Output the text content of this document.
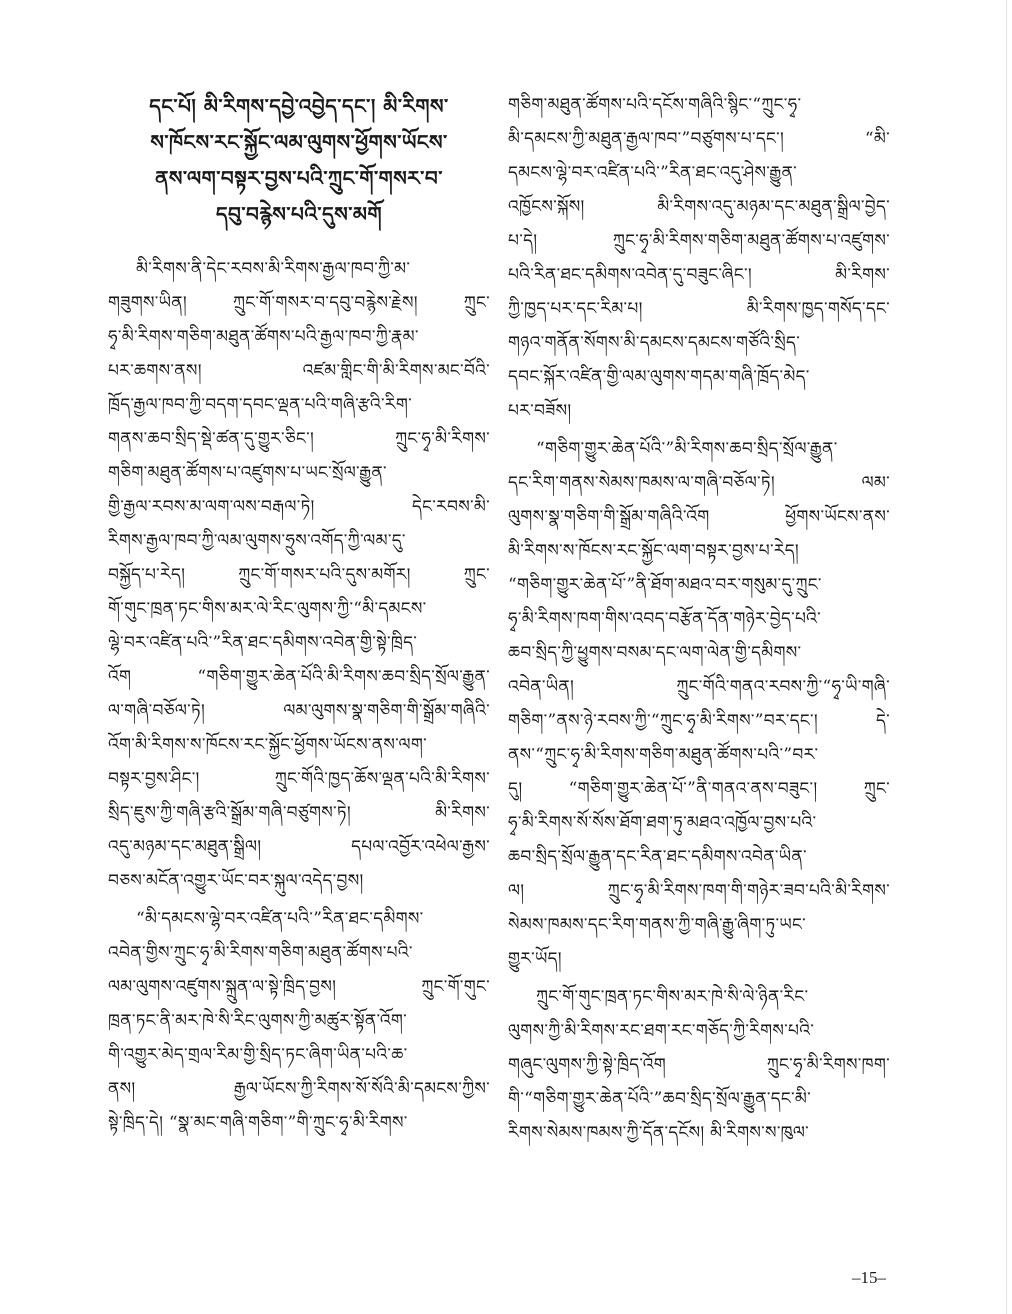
དང་པོ། མི་རིགས་དབྱེ་འབྱེད་དང་། མི་རིགས་
ས་ཁོངས་རང་སྐྱོང་ལམ་ལུགས་ཕྱོགས་ཡོངས་
ནས་ལག་བསྟར་བྱས་པའི་ཀྲུང་གོ་གསར་བ་
དབུ་བརྙེས་པའི་དུས་མགོ
མི་རིགས་ནི་དེང་རབས་མི་རིགས་རྒྱལ་ཁབ་ཀྱི་མ་
གཟུགས་ཡིན། ཀྲུང་གོ་གསར་བ་དབུ་བརྙེས་རྗེས། ཀྲུང་
ཧྭ་མི་རིགས་གཅིག་མཐུན་ཚོགས་པའི་རྒྱལ་ཁབ་ཀྱི་རྣམ་
པར་ཆགས་ནས། འཛམ་གླིང་གི་མི་རིགས་མང་བོའི་
ཁྲོད་རྒྱལ་ཁབ་ཀྱི་བདག་དབང་ལྡན་པའི་གཞི་རྩའི་རིག་
གནས་ཆབ་སྲིད་སྡེ་ཚན་དུ་གྱུར་ཅིང་། ཀྲུང་ཧྭ་མི་རིགས་
གཅིག་མཐུན་ཚོགས་པ་འཛུགས་པ་ཡང་སྲོལ་རྒྱུན་
གྱི་རྒྱལ་རབས་མ་ལག་ལས་བརྒལ་ཏེ། དེང་རབས་མི་
རིགས་རྒྱལ་ཁབ་ཀྱི་ལམ་ལུགས་ཧྲུས་འགོད་ཀྱི་ལམ་དུ་
བསྐྱོད་པ་རེད། ཀྲུང་གོ་གསར་པའི་དུས་མགོར། ཀྲུང་
གོ་གུང་ཁྲན་ཏང་གིས་མར་ལེ་རིང་ལུགས་ཀྱི་“མི་དམངས་
ལྷེ་བར་འཛིན་པའི་”རིན་ཐང་དམིགས་འབེན་གྱི་སྟེ་ཁྲིད་
འོག “གཅིག་གྱུར་ཆེན་པོའི་མི་རིགས་ཆབ་སྲིད་སྲོལ་རྒྱུན་
ལ་གཞི་བཅོལ་ཏེ། ལམ་ལུགས་སྣ་གཅིག་གི་སྒྲོམ་གཞིའི་
འོག་མི་རིགས་ས་ཁོངས་རང་སྐྱོང་ཕྱོགས་ཡོངས་ནས་ལག་
བསྟར་བྱས་ཤིང་། ཀྲུང་གོའི་ཁྱད་ཆོས་ལྡན་པའི་མི་རིགས་
སྲིད་ཇུས་ཀྱི་གཞི་རྩའི་སྒྲོམ་གཞི་བཙུགས་ཏེ། མི་རིགས་
འདུ་མཉམ་དང་མཐུན་སྒྲིལ། དཔལ་འབྱོར་འཕེལ་རྒྱས་
བཅས་མངོན་འགྱུར་ཡོང་བར་སྐུལ་འདེད་བྱས།
“མི་དམངས་ལྷེ་བར་འཛིན་པའི་”རིན་ཐང་དམིགས་
འབེན་གྱིས་ཀྲུང་ཧྭ་མི་རིགས་གཅིག་མཐུན་ཚོགས་པའི་
ལམ་ལུགས་འཛུགས་སྐྲུན་ལ་སྟེ་ཁྲིད་བྱས། ཀྲུང་གོ་གུང་
ཁྲན་ཏང་ནི་མར་ཁེ་སི་རིང་ལུགས་ཀྱི་མཚུར་སྟོན་འོག་
གི་འགྱུར་མེད་གྲལ་རིམ་གྱི་སྲིད་ཏང་ཞིག་ཡིན་པའི་ཆ་
ནས། རྒྱལ་ཡོངས་ཀྱི་རིགས་སོ་སོའི་མི་དམངས་ཀྱིས་
སྟེ་ཁྲིད་དེ། “སྣ་མང་གཞི་གཅིག་”གི་ཀྲུང་ཧྭ་མི་རིགས་
གཅིག་མཐུན་ཚོགས་པའི་དངོས་གཞིའི་སྙིང་“ཀྲུང་ཧྭ་
མི་དམངས་ཀྱི་མཐུན་རྒྱལ་ཁབ་”བཙུགས་པ་དང་། “མི་
དམངས་ལྷེ་བར་འཛིན་པའི་”རིན་ཐང་འདུ་ཤེས་རྒྱུན་
འཁྱོངས་སྐོས། མི་རིགས་འདུ་མཉམ་དང་མཐུན་སྒྲིལ་བྱེད་
པ་དེ། ཀྲུང་ཧྭ་མི་རིགས་གཅིག་མཐུན་ཚོགས་པ་འཛུགས་
པའི་རིན་ཐང་དམིགས་འབེན་དུ་བཟུང་ཞིང་། མི་རིགས་
ཀྱི་ཁྱད་པར་དང་རིམ་པ། མི་རིགས་ཁྱད་གསོད་དང་
གཉའ་གནོན་སོགས་མི་དམངས་དམངས་གཙོའི་སྲིད་
དབང་སྐོར་འཛིན་གྱི་ལམ་ལུགས་གདམ་གཞི་ཁྲོད་མེད་
པར་བཟོས།
“གཅིག་གྱུར་ཆེན་པོའི་”མི་རིགས་ཆབ་སྲིད་སྲོལ་རྒྱུན་
དང་རིག་གནས་སེམས་ཁམས་ལ་གཞི་བཅོལ་ཏེ། ལམ་
ལུགས་སྣ་གཅིག་གི་སྒྲོམ་གཞིའི་འོག ཕྱོགས་ཡོངས་ནས་
མི་རིགས་ས་ཁོངས་རང་སྐྱོང་ལག་བསྟར་བྱས་པ་རེད།
“གཅིག་གྱུར་ཆེན་པོ་”ནི་ཐོག་མཐའ་བར་གསུམ་དུ་ཀྲུང་
ཧྭ་མི་རིགས་ཁག་གིས་འབད་བརྩོན་དོན་གཉེར་བྱེད་པའི་
ཆབ་སྲིད་ཀྱི་ཕྱུགས་བསམ་དང་ལག་ལེན་གྱི་དམིགས་
འབེན་ཡིན། ཀྲུང་གོའི་གནའ་རབས་ཀྱི་“ཧྭ་ཡི་གཞི་
གཅིག་”ནས་ཉེ་རབས་ཀྱི་“ཀྲུང་ཧྭ་མི་རིགས་”བར་དང་། དེ་
ནས་“ཀྲུང་ཧྭ་མི་རིགས་གཅིག་མཐུན་ཚོགས་པའི་”བར་
དུ། “གཅིག་གྱུར་ཆེན་པོ་”ནི་གནའ་ནས་བཟུང་། ཀྲུང་
ཧྭ་མི་རིགས་སོ་སོས་ཐོག་ཐག་ཏུ་མཐའ་འཁྱོལ་བྱས་པའི་
ཆབ་སྲིད་སྲོལ་རྒྱུན་དང་རིན་ཐང་དམིགས་འབེན་ཡིན་
ལ། ཀྲུང་ཧྭ་མི་རིགས་ཁག་གི་གཉེར་ཟབ་པའི་མི་རིགས་
སེམས་ཁམས་དང་རིག་གནས་ཀྱི་གཞི་རྒྱུ་ཞིག་ཏུ་ཡང་
གྱུར་ཡོད།
ཀྲུང་གོ་གུང་ཁྲན་ཏང་གིས་མར་ཁེ་སི་ལེ་ཉིན་རིང་
ལུགས་ཀྱི་མི་རིགས་རང་ཐག་རང་གཅོད་ཀྱི་རིགས་པའི་
གཞུང་ལུགས་ཀྱི་སྟེ་ཁྲིད་འོག ཀྲུང་ཧྭ་མི་རིགས་ཁག་
གི་“གཅིག་གྱུར་ཆེན་པོའི་”ཆབ་སྲིད་སྲོལ་རྒྱུན་དང་མི་
རིགས་སེམས་ཁམས་ཀྱི་དོན་དངོས། མི་རིགས་ས་ཁུལ་
–15–
